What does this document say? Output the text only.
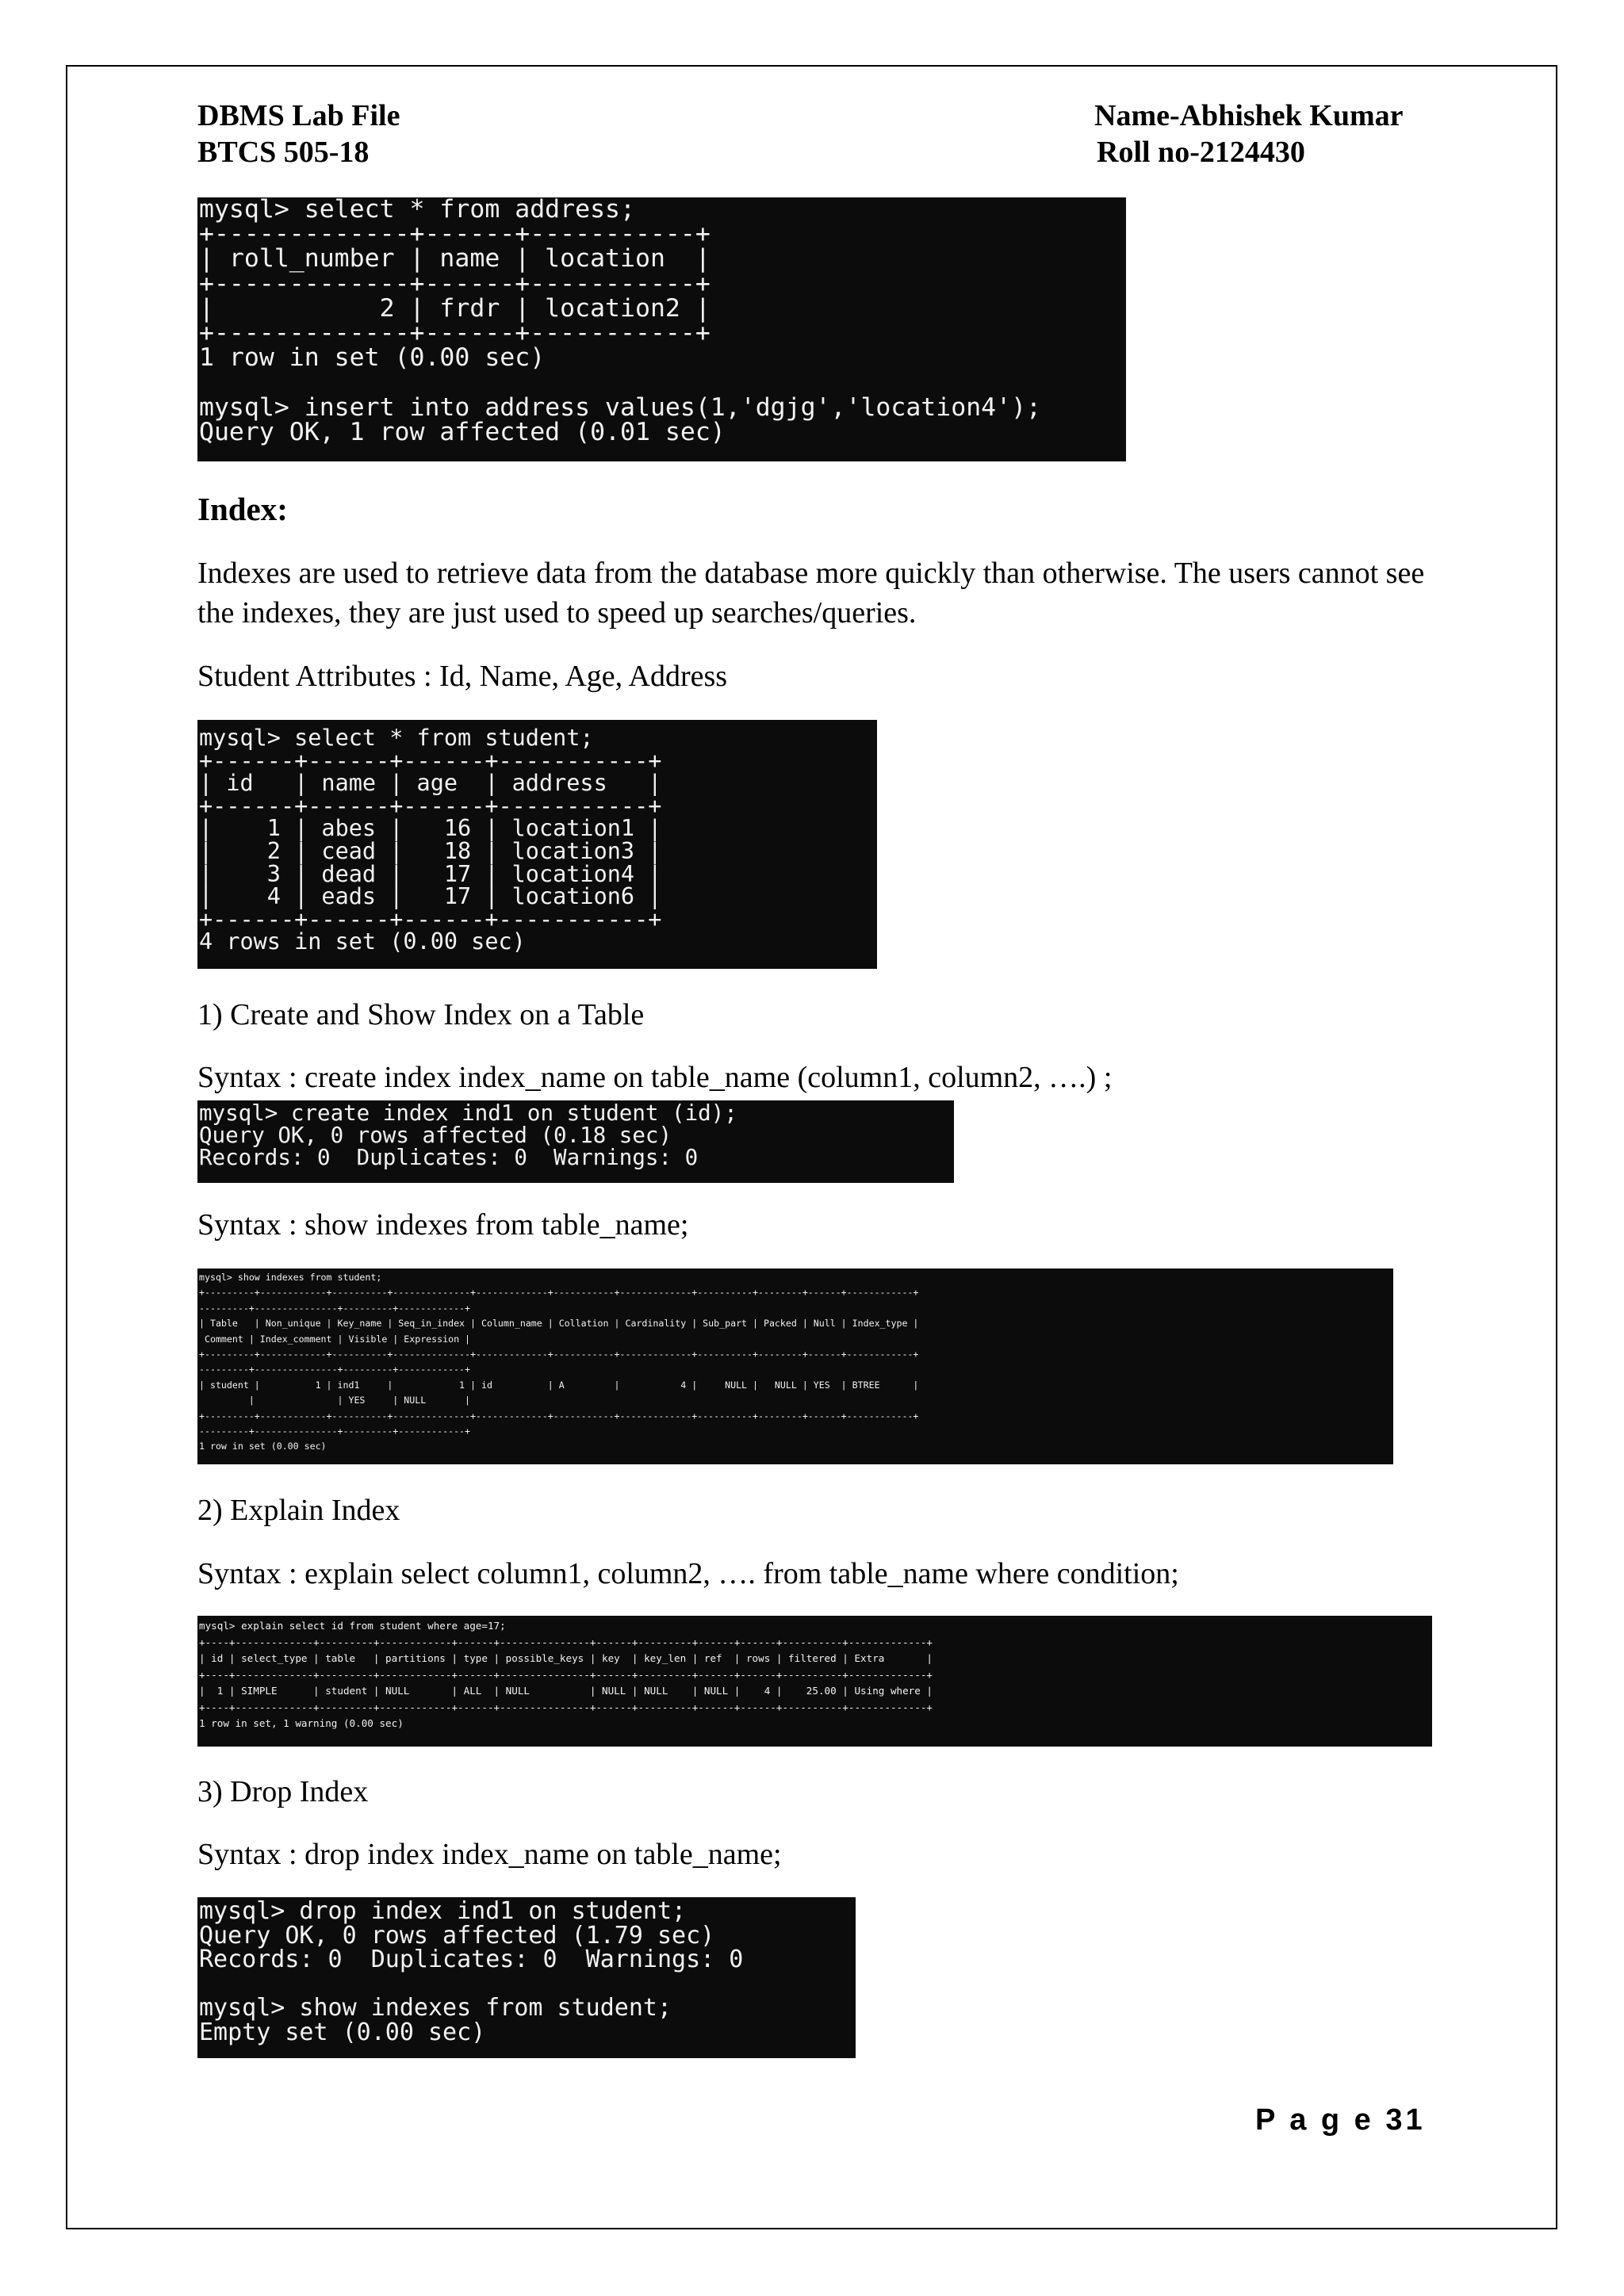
DBMS Lab File
BTCS 505-18
Name-Abhishek Kumar
Roll no-2124430
mysql> select * from address;
+-------------+------+-----------+
| roll_number | name | location  |
+-------------+------+-----------+
|           2 | frdr | location2 |
+-------------+------+-----------+
1 row in set (0.00 sec)

mysql> insert into address values(1,'dgjg','location4');
Query OK, 1 row affected (0.01 sec)
Index:
Indexes are used to retrieve data from the database more quickly than otherwise. The users cannot see the indexes, they are just used to speed up searches/queries.
Student Attributes : Id, Name, Age, Address
mysql> select * from student;
+------+------+------+-----------+
| id   | name | age  | address   |
+------+------+------+-----------+
|    1 | abes |   16 | location1 |
|    2 | cead |   18 | location3 |
|    3 | dead |   17 | location4 |
|    4 | eads |   17 | location6 |
+------+------+------+-----------+
4 rows in set (0.00 sec)
1) Create and Show Index on a Table
Syntax : create index index_name on table_name (column1, column2, ….) ;
mysql> create index ind1 on student (id);
Query OK, 0 rows affected (0.18 sec)
Records: 0  Duplicates: 0  Warnings: 0
Syntax : show indexes from table_name;
mysql> show indexes from student;
+---------+------------+----------+--------------+-------------+-----------+-------------+----------+--------+------+------------+
---------+---------------+---------+------------+
| Table   | Non_unique | Key_name | Seq_in_index | Column_name | Collation | Cardinality | Sub_part | Packed | Null | Index_type |
Comment | Index_comment | Visible | Expression |
+---------+------------+----------+--------------+-------------+-----------+-------------+----------+--------+------+------------+
---------+---------------+---------+------------+
| student |          1 | ind1     |            1 | id          | A         |           4 |     NULL |   NULL | YES  | BTREE      |
|               | YES     | NULL       |
+---------+------------+----------+--------------+-------------+-----------+-------------+----------+--------+------+------------+
---------+---------------+---------+------------+
1 row in set (0.00 sec)
2) Explain Index
Syntax : explain select column1, column2, …. from table_name where condition;
mysql> explain select id from student where age=17;
+----+-------------+---------+------------+------+---------------+------+---------+------+------+----------+-------------+
| id | select_type | table   | partitions | type | possible_keys | key  | key_len | ref  | rows | filtered | Extra       |
+----+-------------+---------+------------+------+---------------+------+---------+------+------+----------+-------------+
|  1 | SIMPLE      | student | NULL       | ALL  | NULL          | NULL | NULL    | NULL |    4 |    25.00 | Using where |
+----+-------------+---------+------------+------+---------------+------+---------+------+------+----------+-------------+
1 row in set, 1 warning (0.00 sec)
3) Drop Index
Syntax : drop index index_name on table_name;
mysql> drop index ind1 on student;
Query OK, 0 rows affected (1.79 sec)
Records: 0  Duplicates: 0  Warnings: 0

mysql> show indexes from student;
Empty set (0.00 sec)
P a g e 31
